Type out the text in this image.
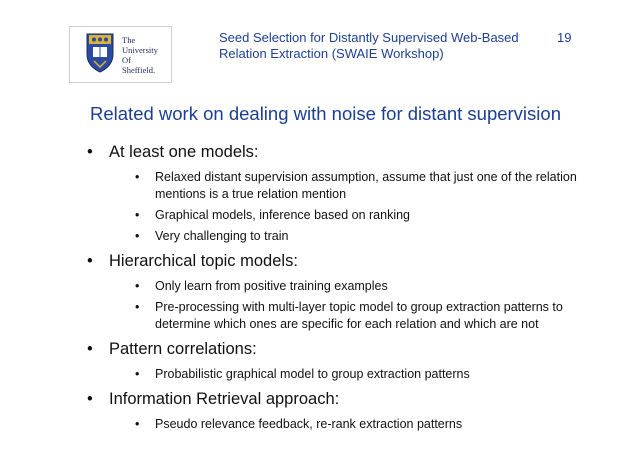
The
University
Of
Sheffield.
Seed Selection for Distantly Supervised Web-Based
Relation Extraction (SWAIE Workshop)
19
Related work on dealing with noise for distant supervision
• At least one models:
• Relaxed distant supervision assumption, assume that just one of the relation mentions is a true relation mention
• Graphical models, inference based on ranking
• Very challenging to train
• Hierarchical topic models:
• Only learn from positive training examples
• Pre-processing with multi-layer topic model to group extraction patterns to determine which ones are specific for each relation and which are not
• Pattern correlations:
• Probabilistic graphical model to group extraction patterns
• Information Retrieval approach:
• Pseudo relevance feedback, re-rank extraction patterns
